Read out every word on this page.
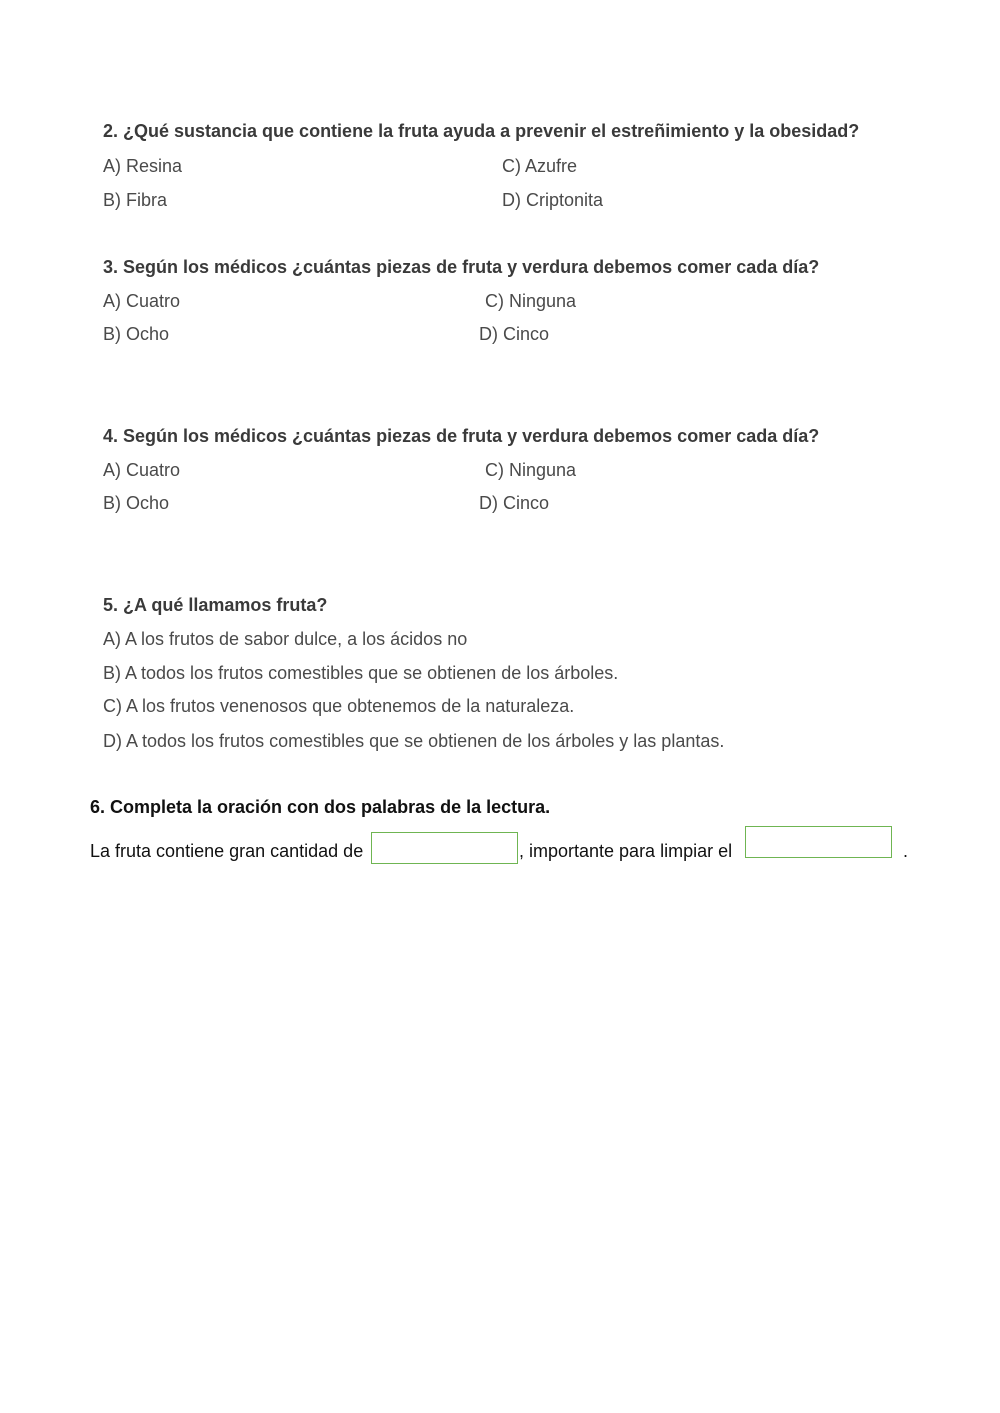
2. ¿Qué sustancia que contiene la fruta ayuda a prevenir el estreñimiento y la obesidad?
A) Resina	C) Azufre
B) Fibra	D) Criptonita
3. Según los médicos ¿cuántas piezas de fruta y verdura debemos comer cada día?
A) Cuatro	C) Ninguna
B) Ocho	D) Cinco
4. Según los médicos ¿cuántas piezas de fruta y verdura debemos comer cada día?
A) Cuatro	C) Ninguna
B) Ocho	D) Cinco
5. ¿A qué llamamos fruta?
A) A los frutos de sabor dulce, a los ácidos no
B) A todos los frutos comestibles que se obtienen de los árboles.
C) A los frutos venenosos que obtenemos de la naturaleza.
D) A todos los frutos comestibles que se obtienen de los árboles y las plantas.
6. Completa la oración con dos palabras de la lectura.
La fruta contiene gran cantidad de	, importante para limpiar el	.
